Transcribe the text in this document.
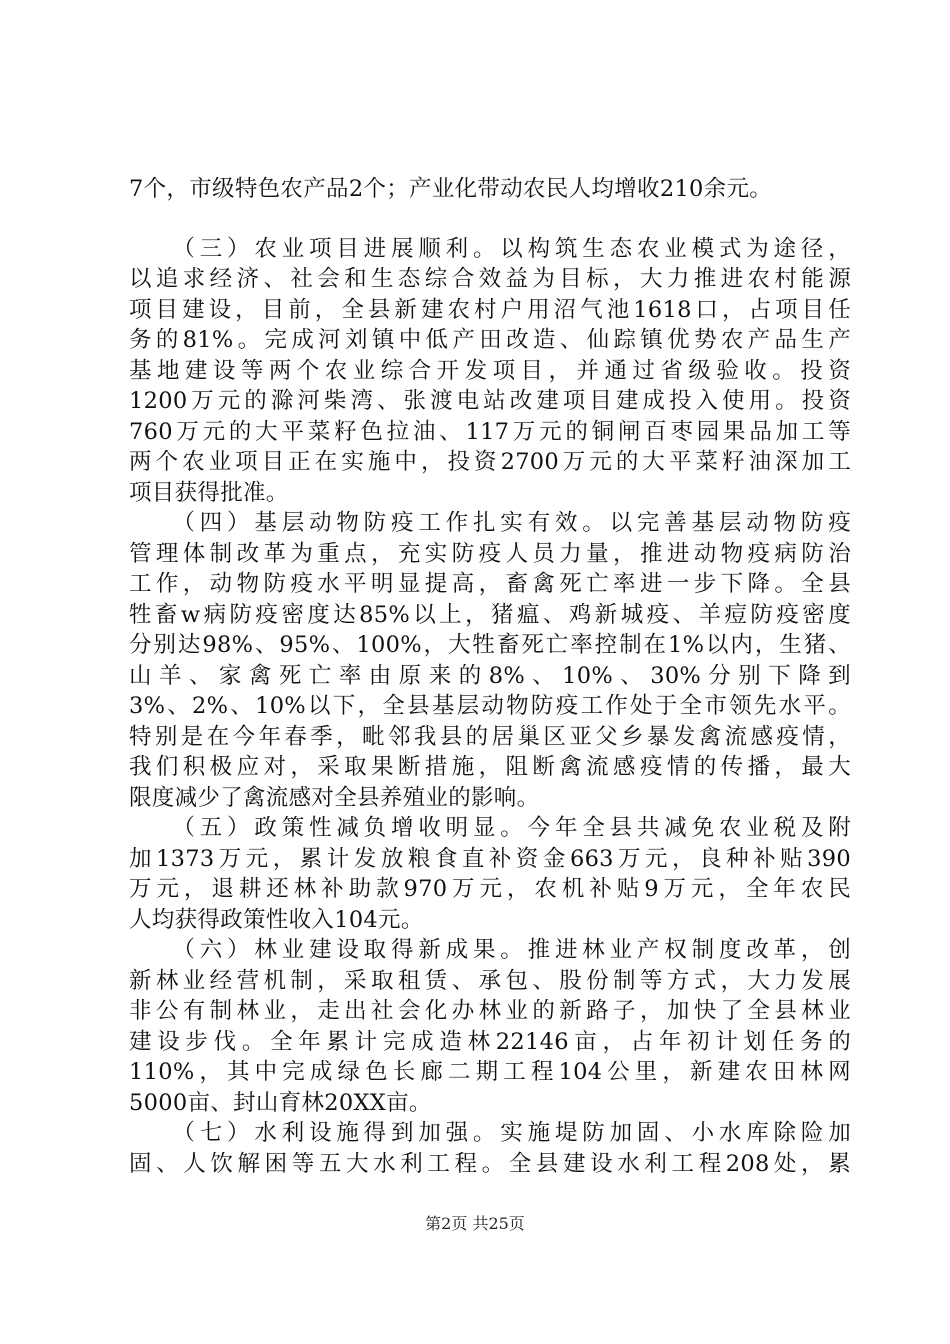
7个，市级特色农产品2个；产业化带动农民人均增收210余元。
　　（三）农业项目进展顺利。以构筑生态农业模式为途径，
以追求经济、社会和生态综合效益为目标，大力推进农村能源
项目建设，目前，全县新建农村户用沼气池1618口，占项目任
务的81%。完成河刘镇中低产田改造、仙踪镇优势农产品生产
基地建设等两个农业综合开发项目，并通过省级验收。投资
1200万元的滁河柴湾、张渡电站改建项目建成投入使用。投资
760万元的大平菜籽色拉油、117万元的铜闸百枣园果品加工等
两个农业项目正在实施中，投资2700万元的大平菜籽油深加工
项目获得批准。
　　（四）基层动物防疫工作扎实有效。以完善基层动物防疫
管理体制改革为重点，充实防疫人员力量，推进动物疫病防治
工作，动物防疫水平明显提高，畜禽死亡率进一步下降。全县
牲畜w病防疫密度达85%以上，猪瘟、鸡新城疫、羊痘防疫密度
分别达98%、95%、100%，大牲畜死亡率控制在1%以内，生猪、
山羊、家禽死亡率由原来的8%、10%、30%分别下降到
3%、2%、10%以下，全县基层动物防疫工作处于全市领先水平。
特别是在今年春季，毗邻我县的居巢区亚父乡暴发禽流感疫情，
我们积极应对，采取果断措施，阻断禽流感疫情的传播，最大
限度减少了禽流感对全县养殖业的影响。
　　（五）政策性减负增收明显。今年全县共减免农业税及附
加1373万元，累计发放粮食直补资金663万元，良种补贴390
万元，退耕还林补助款970万元，农机补贴9万元，全年农民
人均获得政策性收入104元。
　　（六）林业建设取得新成果。推进林业产权制度改革，创
新林业经营机制，采取租赁、承包、股份制等方式，大力发展
非公有制林业，走出社会化办林业的新路子，加快了全县林业
建设步伐。全年累计完成造林22146亩，占年初计划任务的
110%，其中完成绿色长廊二期工程104公里，新建农田林网
5000亩、封山育林20XX亩。
　　（七）水利设施得到加强。实施堤防加固、小水库除险加
固、人饮解困等五大水利工程。全县建设水利工程208处，累
第2页 共25页
